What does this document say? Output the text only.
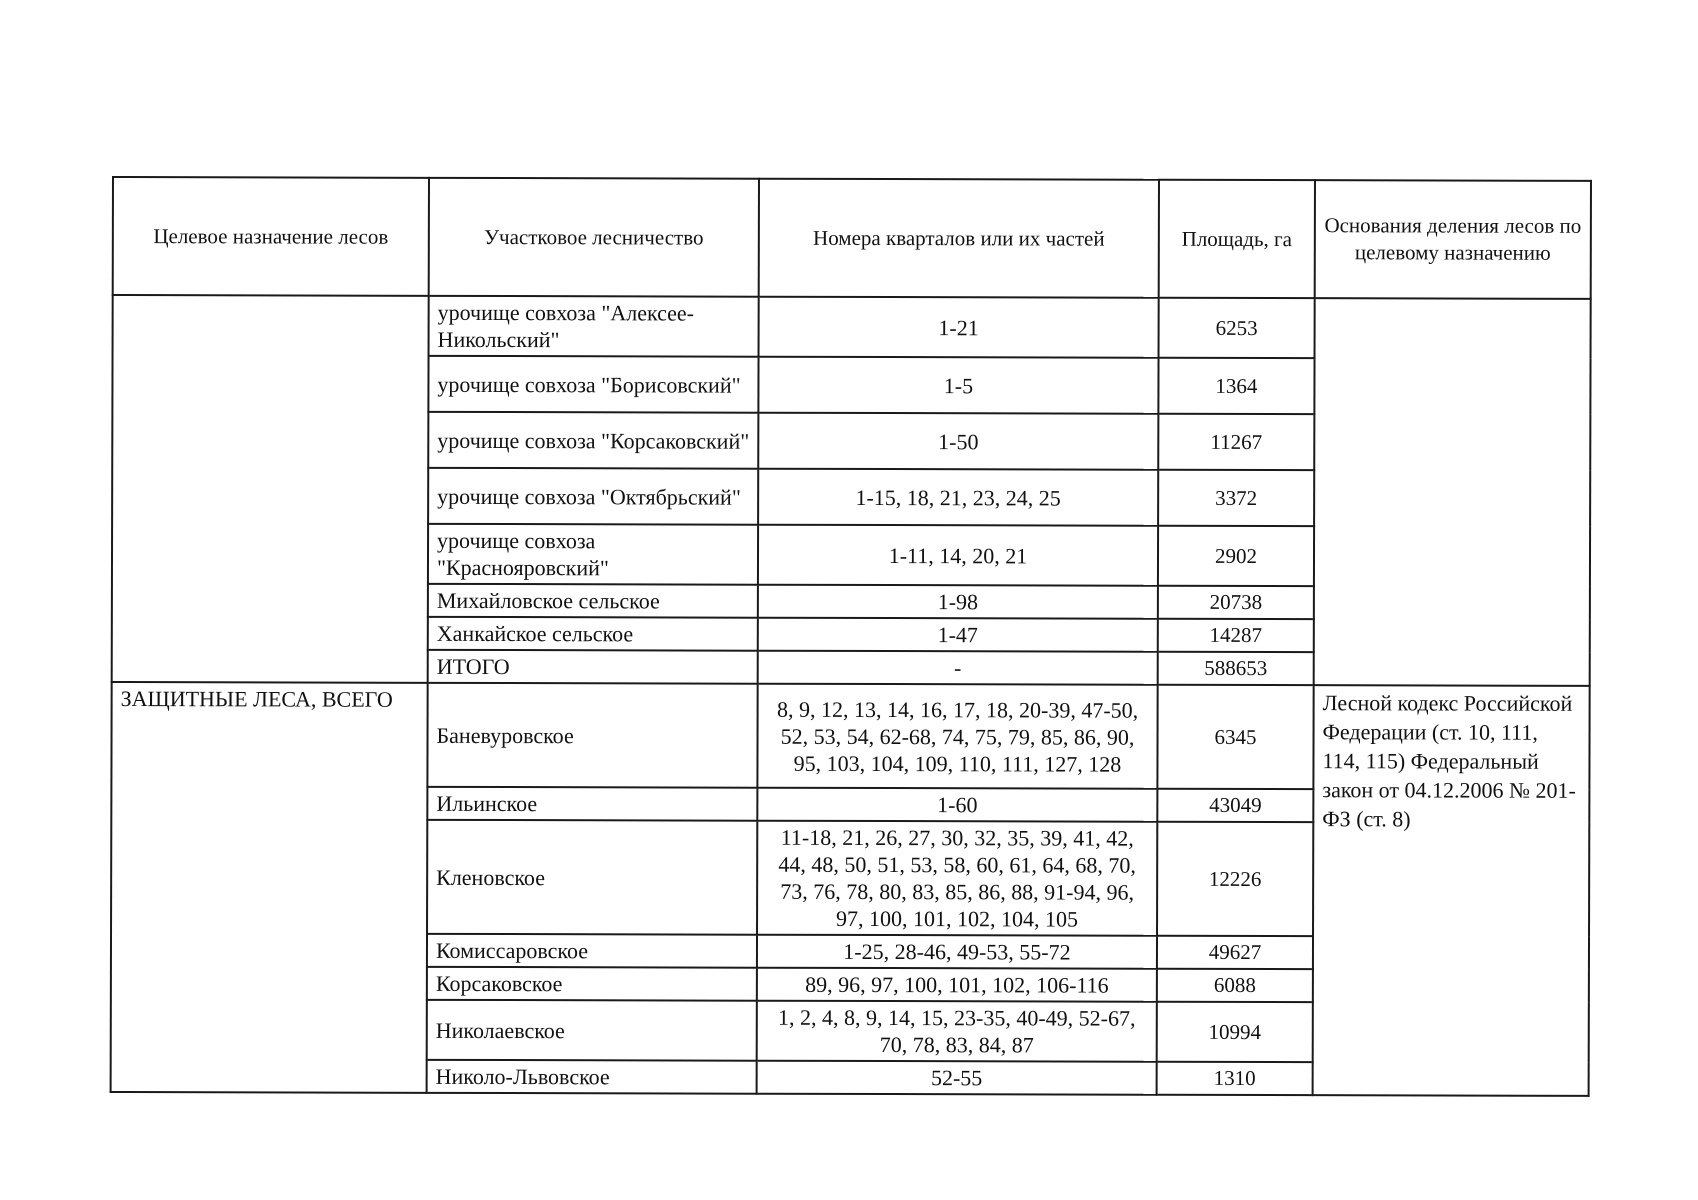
Целевое назначение лесов	Участковое лесничество	Номера кварталов или их частей	Площадь, га	Основания деления лесов по целевому назначению
	урочище совхоза "Алексее-Никольский"	1-21	6253	
	урочище совхоза "Борисовский"	1-5	1364	
	урочище совхоза "Корсаковский"	1-50	11267	
	урочище совхоза "Октябрьский"	1-15, 18, 21, 23, 24, 25	3372	
	урочище совхоза "Краснояровский"	1-11, 14, 20, 21	2902	
	Михайловское сельское	1-98	20738	
	Ханкайское сельское	1-47	14287	
	ИТОГО	-	588653	
ЗАЩИТНЫЕ ЛЕСА, ВСЕГО	Баневуровское	8, 9, 12, 13, 14, 16, 17, 18, 20-39, 47-50, 52, 53, 54, 62-68, 74, 75, 79, 85, 86, 90, 95, 103, 104, 109, 110, 111, 127, 128	6345	Лесной кодекс Российской Федерации (ст. 10, 111, 114, 115) Федеральный закон от 04.12.2006 № 201-ФЗ (ст. 8)
	Ильинское	1-60	43049	
	Кленовское	11-18, 21, 26, 27, 30, 32, 35, 39, 41, 42, 44, 48, 50, 51, 53, 58, 60, 61, 64, 68, 70, 73, 76, 78, 80, 83, 85, 86, 88, 91-94, 96, 97, 100, 101, 102, 104, 105	12226	
	Комиссаровское	1-25, 28-46, 49-53, 55-72	49627	
	Корсаковское	89, 96, 97, 100, 101, 102, 106-116	6088	
	Николаевское	1, 2, 4, 8, 9, 14, 15, 23-35, 40-49, 52-67, 70, 78, 83, 84, 87	10994	
	Николо-Львовское	52-55	1310	
